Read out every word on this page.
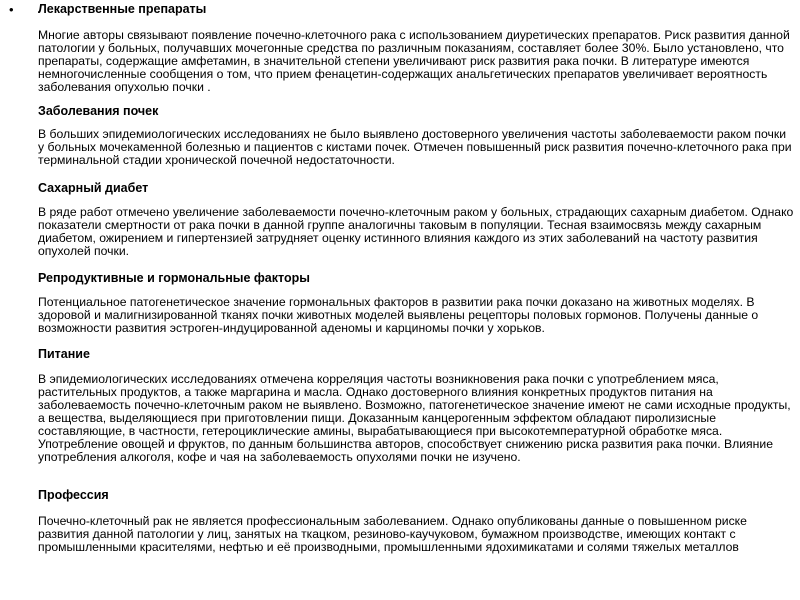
• Лекарственные препараты

Многие авторы связывают появление почечно-клеточного рака с использованием диуретических препаратов. Риск развития данной патологии у больных, получавших мочегонные средства по различным показаниям, составляет более 30%. Было установлено, что препараты, содержащие амфетамин, в значительной степени увеличивают риск развития рака почки. В литературе имеются немногочисленные сообщения о том, что прием фенацетин-содержащих анальгетических препаратов увеличивает вероятность заболевания опухолью почки .

Заболевания почек

В больших эпидемиологических исследованиях не было выявлено достоверного увеличения частоты заболеваемости раком почки у больных мочекаменной болезнью и пациентов с кистами почек. Отмечен повышенный риск развития почечно-клеточного рака при терминальной стадии хронической почечной недостаточности.

Сахарный диабет

В ряде работ отмечено увеличение заболеваемости почечно-клеточным раком у больных, страдающих сахарным диабетом. Однако показатели смертности от рака почки в данной группе аналогичны таковым в популяции. Тесная взаимосвязь между сахарным диабетом, ожирением и гипертензией затрудняет оценку истинного влияния каждого из этих заболеваний на частоту развития опухолей почки.

Репродуктивные и гормональные факторы

Потенциальное патогенетическое значение гормональных факторов в развитии рака почки доказано на животных моделях. В здоровой и малигнизированной тканях почки животных моделей выявлены рецепторы половых гормонов. Получены данные о возможности развития эстроген-индуцированной аденомы и карциномы почки у хорьков.

Питание

В эпидемиологических исследованиях отмечена корреляция частоты возникновения рака почки с употреблением мяса, растительных продуктов, а также маргарина и масла. Однако достоверного влияния конкретных продуктов питания на заболеваемость почечно-клеточным раком не выявлено. Возможно, патогенетическое значение имеют не сами исходные продукты, а вещества, выделяющиеся при приготовлении пищи. Доказанным канцерогенным эффектом обладают пиролизисные составляющие, в частности, гетероциклические амины, вырабатывающиеся при высокотемпературной обработке мяса. Употребление овощей и фруктов, по данным большинства авторов, способствует снижению риска развития рака почки. Влияние употребления алкоголя, кофе и чая на заболеваемость опухолями почки не изучено.

Профессия

Почечно-клеточный рак не является профессиональным заболеванием. Однако опубликованы данные о повышенном риске развития данной патологии у лиц, занятых на ткацком, резиново-каучуковом, бумажном производстве, имеющих контакт с промышленными красителями, нефтью и её производными, промышленными ядохимикатами и солями тяжелых металлов
